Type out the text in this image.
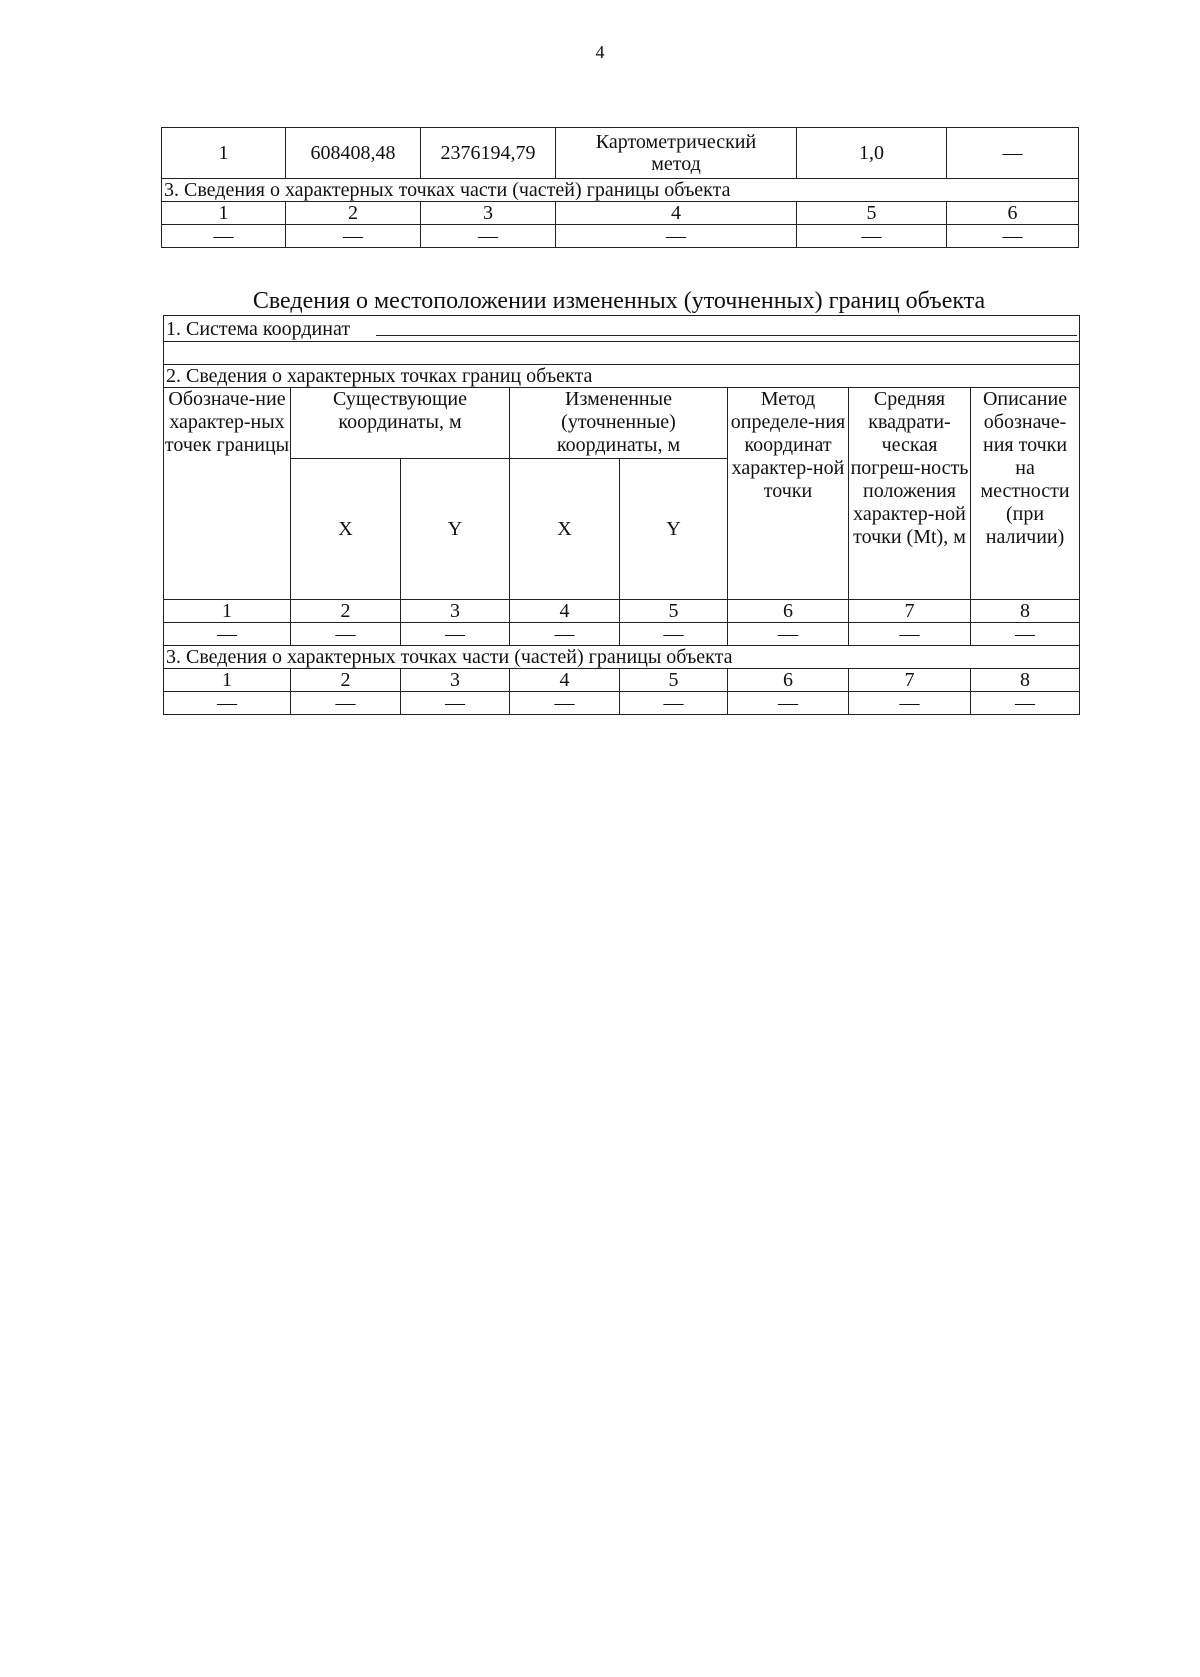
4
1	608408,48	2376194,79	Картометрический метод	1,0	—
3. Сведения о характерных точках части (частей) границы объекта					
1	2	3	4	5	6
—	—	—	—	—	—
Сведения о местоположении измененных (уточненных) границ объекта
1. Система координат							

2. Сведения о характерных точках границ объекта							
Обозначе-ние характер-ных точек границы	Существующие координаты, м		Измененные (уточненные) координаты, м		Метод определе-ния координат характер-ной точки	Средняя квадрати-ческая погреш-ность положения характер-ной точки (Mt), м	Описание обозначе-ния точки на местности (при наличии)
	X	Y	X	Y			
1	2	3	4	5	6	7	8
—	—	—	—	—	—	—	—
3. Сведения о характерных точках части (частей) границы объекта							
1	2	3	4	5	6	7	8
—	—	—	—	—	—	—	—
